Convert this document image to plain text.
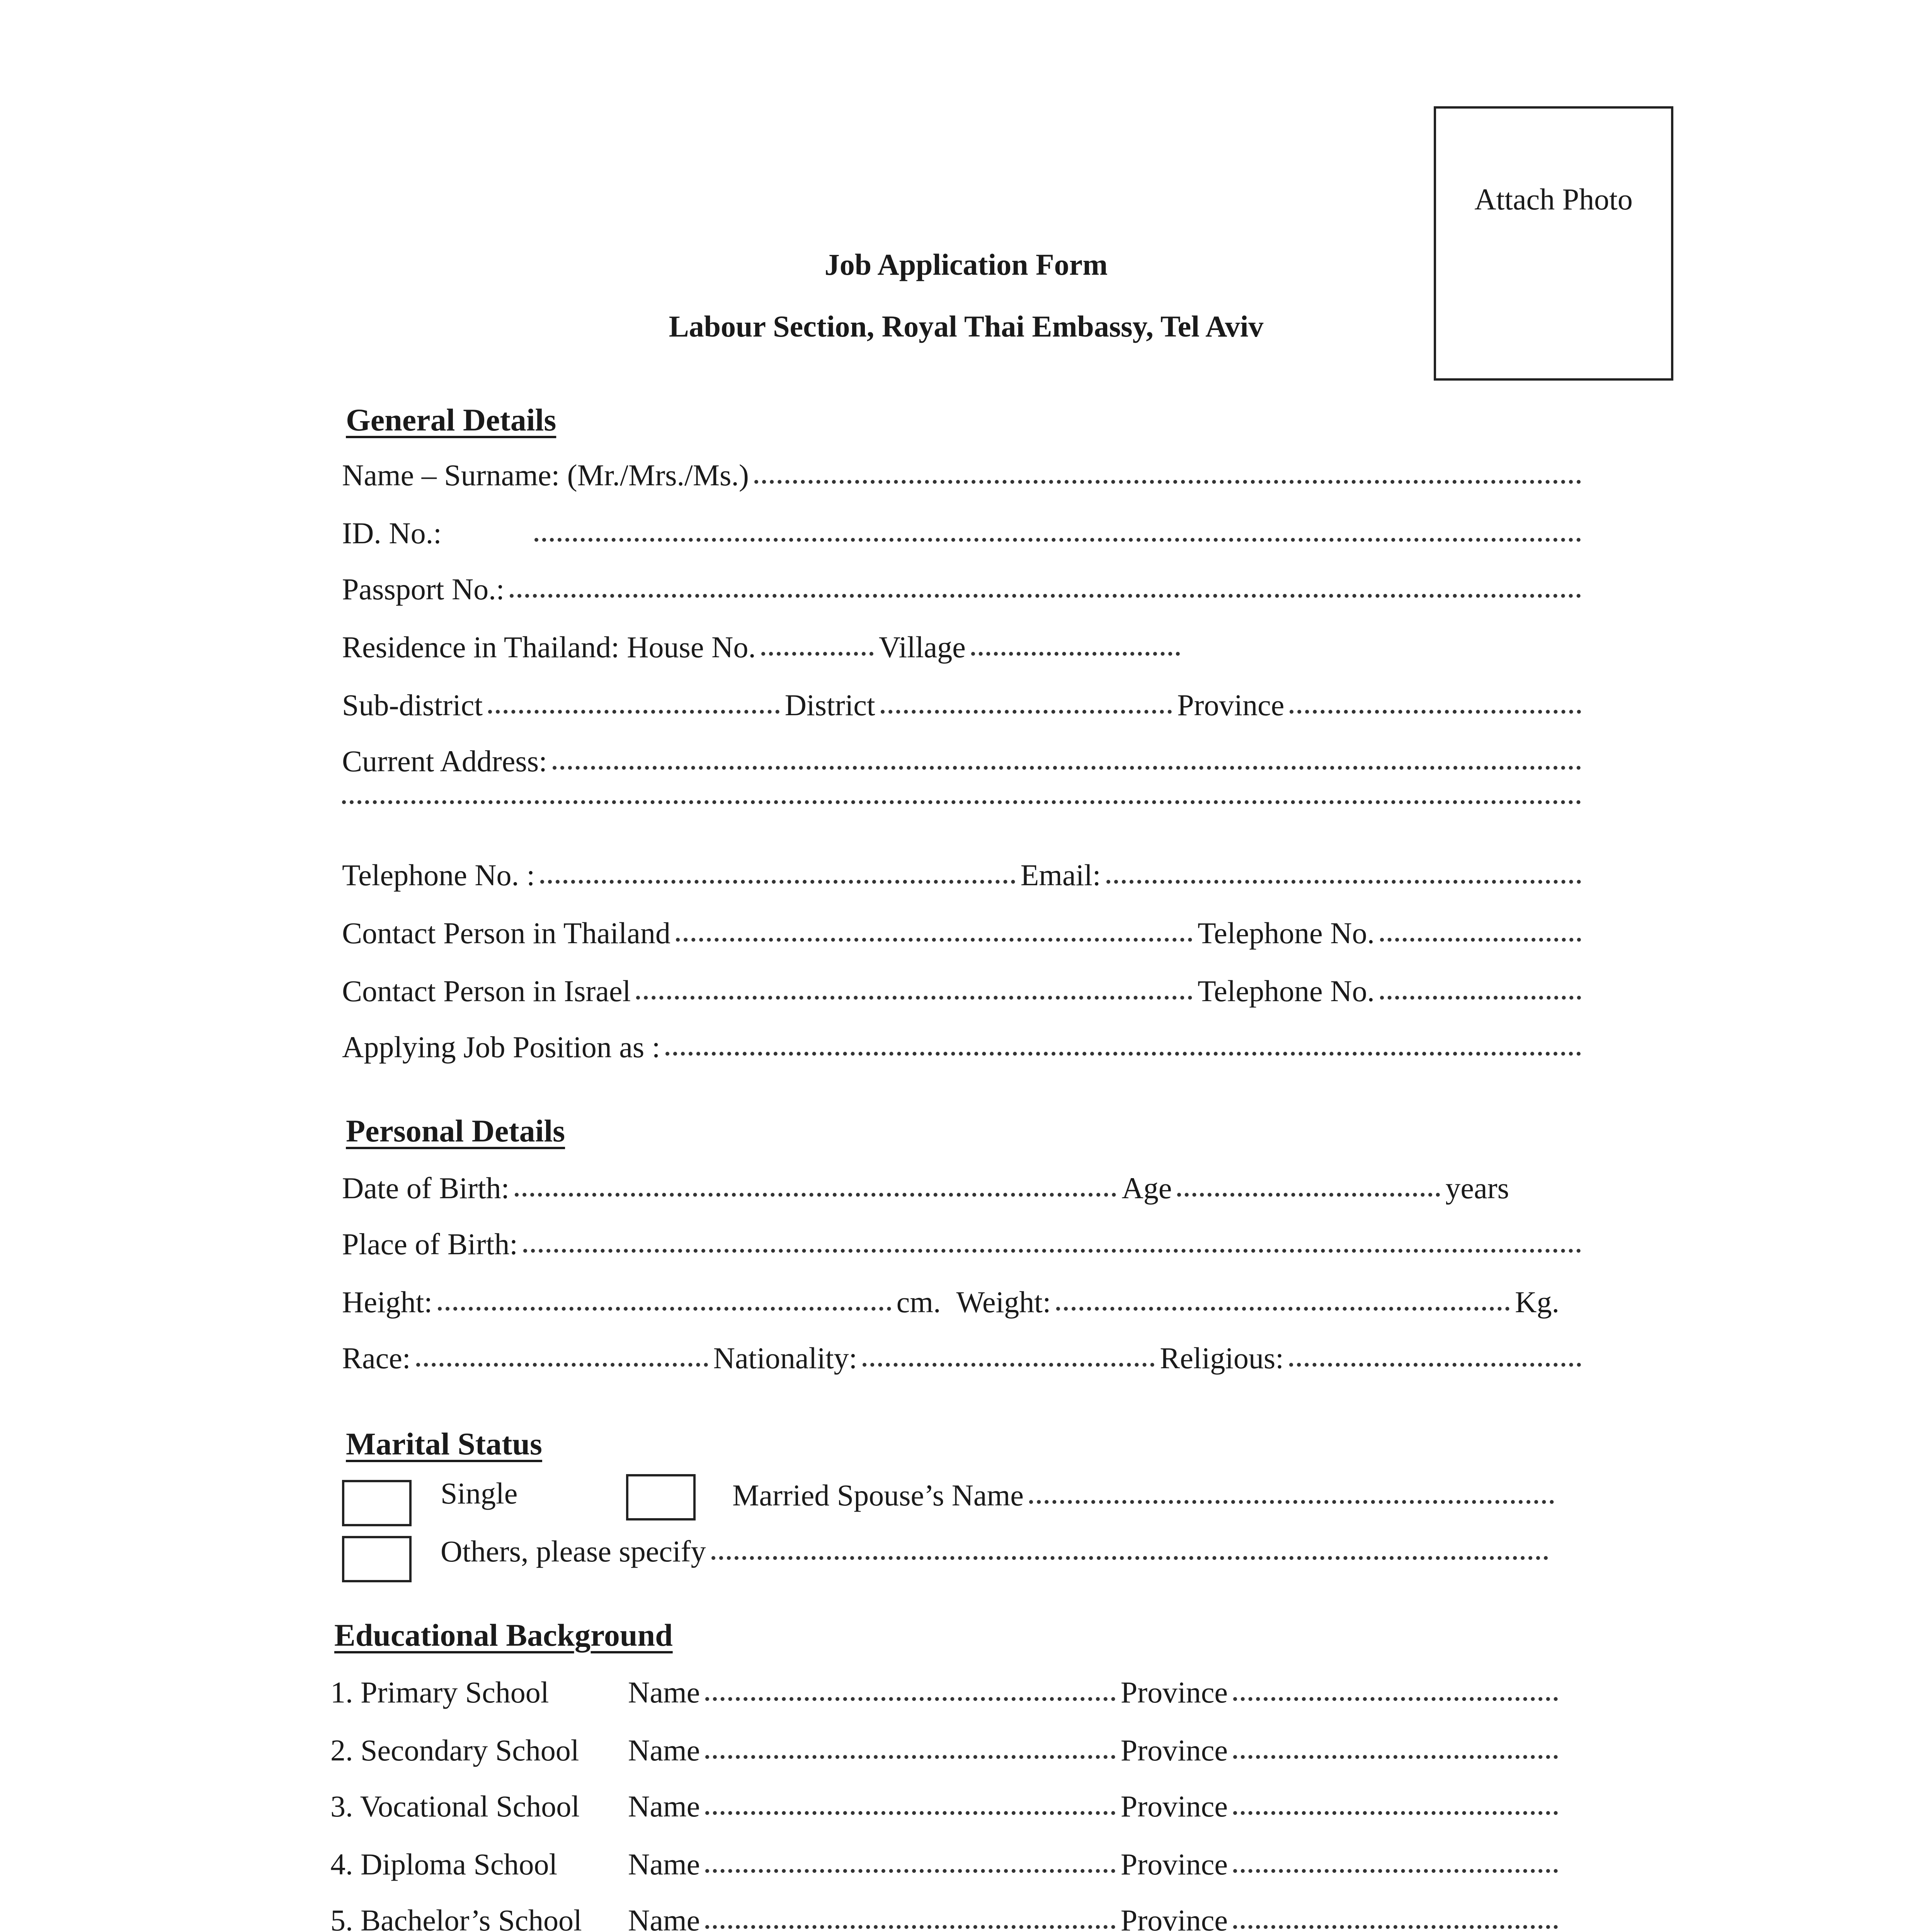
Attach Photo
Job Application Form
Labour Section, Royal Thai Embassy, Tel Aviv
General Details
Name – Surname: (Mr./Mrs./Ms.)
ID. No.:
Passport No.:
Residence in Thailand: House No.	Village
Sub-district	District	Province
Current Address:
Telephone No. :	Email:
Contact Person in Thailand	Telephone No.
Contact Person in Israel	Telephone No.
Applying Job Position as :
Personal Details
Date of Birth:	Age	years
Place of Birth:
Height:	cm. Weight:	Kg.
Race:	Nationality:	Religious:
Marital Status
Single	Married Spouse’s Name
Others, please specify
Educational Background
1. Primary School	Name	Province
2. Secondary School	Name	Province
3. Vocational School	Name	Province
4. Diploma School	Name	Province
5. Bachelor’s School	Name	Province
